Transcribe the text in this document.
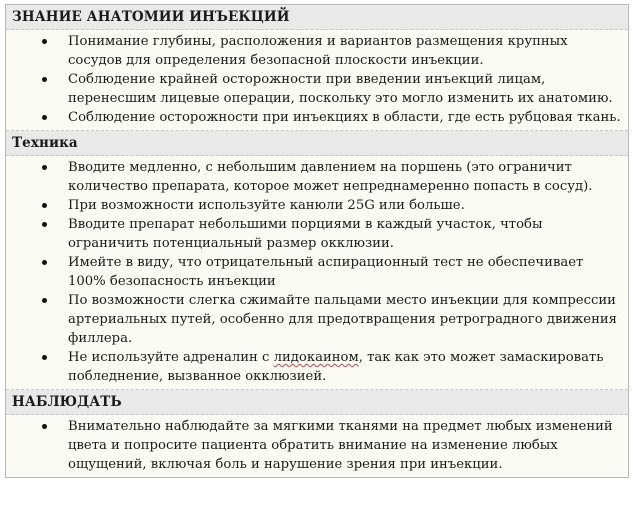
ЗНАНИЕ АНАТОМИИ ИНЪЕКЦИЙ
Понимание глубины, расположения и вариантов размещения крупных сосудов для определения безопасной плоскости инъекции.
Соблюдение крайней осторожности при введении инъекций лицам, перенесшим лицевые операции, поскольку это могло изменить их анатомию.
Соблюдение осторожности при инъекциях в области, где есть рубцовая ткань.
Техника
Вводите медленно, с небольшим давлением на поршень (это ограничит количество препарата, которое может непреднамеренно попасть в сосуд).
При возможности используйте канюли 25G или больше.
Вводите препарат небольшими порциями в каждый участок, чтобы ограничить потенциальный размер окклюзии.
Имейте в виду, что отрицательный аспирационный тест не обеспечивает 100% безопасность инъекции
По возможности слегка сжимайте пальцами место инъекции для компрессии артериальных путей, особенно для предотвращения ретроградного движения филлера.
Не используйте адреналин с лидокаином, так как это может замаскировать побледнение, вызванное окклюзией.
НАБЛЮДАТЬ
Внимательно наблюдайте за мягкими тканями на предмет любых изменений цвета и попросите пациента обратить внимание на изменение любых ощущений, включая боль и нарушение зрения при инъекции.
